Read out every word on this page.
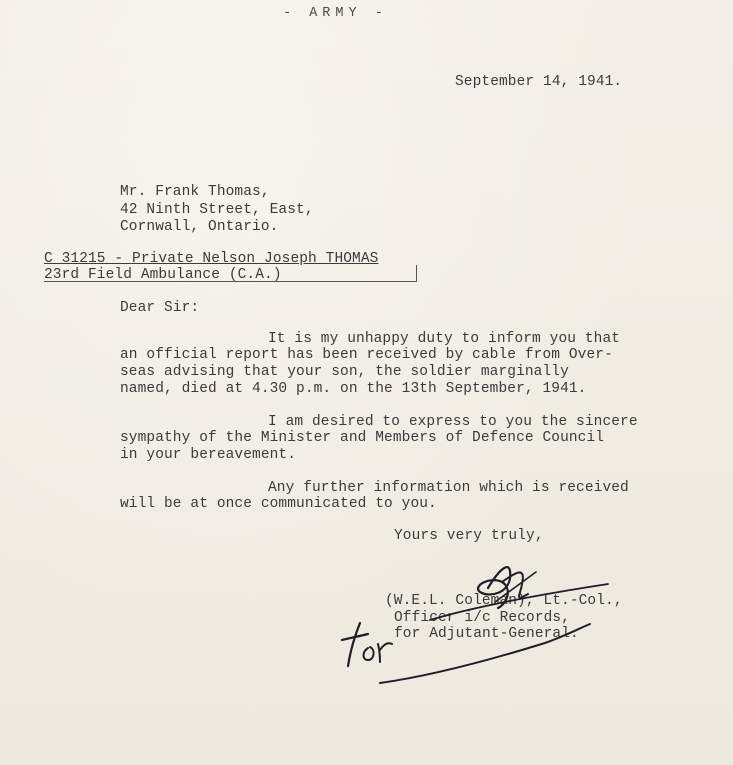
- ARMY -
September 14, 1941.
Mr. Frank Thomas,
42 Ninth Street, East,
Cornwall, Ontario.
C 31215 - Private Nelson Joseph THOMAS
23rd Field Ambulance (C.A.)
Dear Sir:
It is my unhappy duty to inform you that
an official report has been received by cable from Over-
seas advising that your son, the soldier marginally
named, died at 4.30 p.m. on the 13th September, 1941.
I am desired to express to you the sincere
sympathy of the Minister and Members of Defence Council
in your bereavement.
Any further information which is received
will be at once communicated to you.
Yours very truly,
(W.E.L. Coleman), Lt.-Col.,
Officer i/c Records,
for Adjutant-General.
